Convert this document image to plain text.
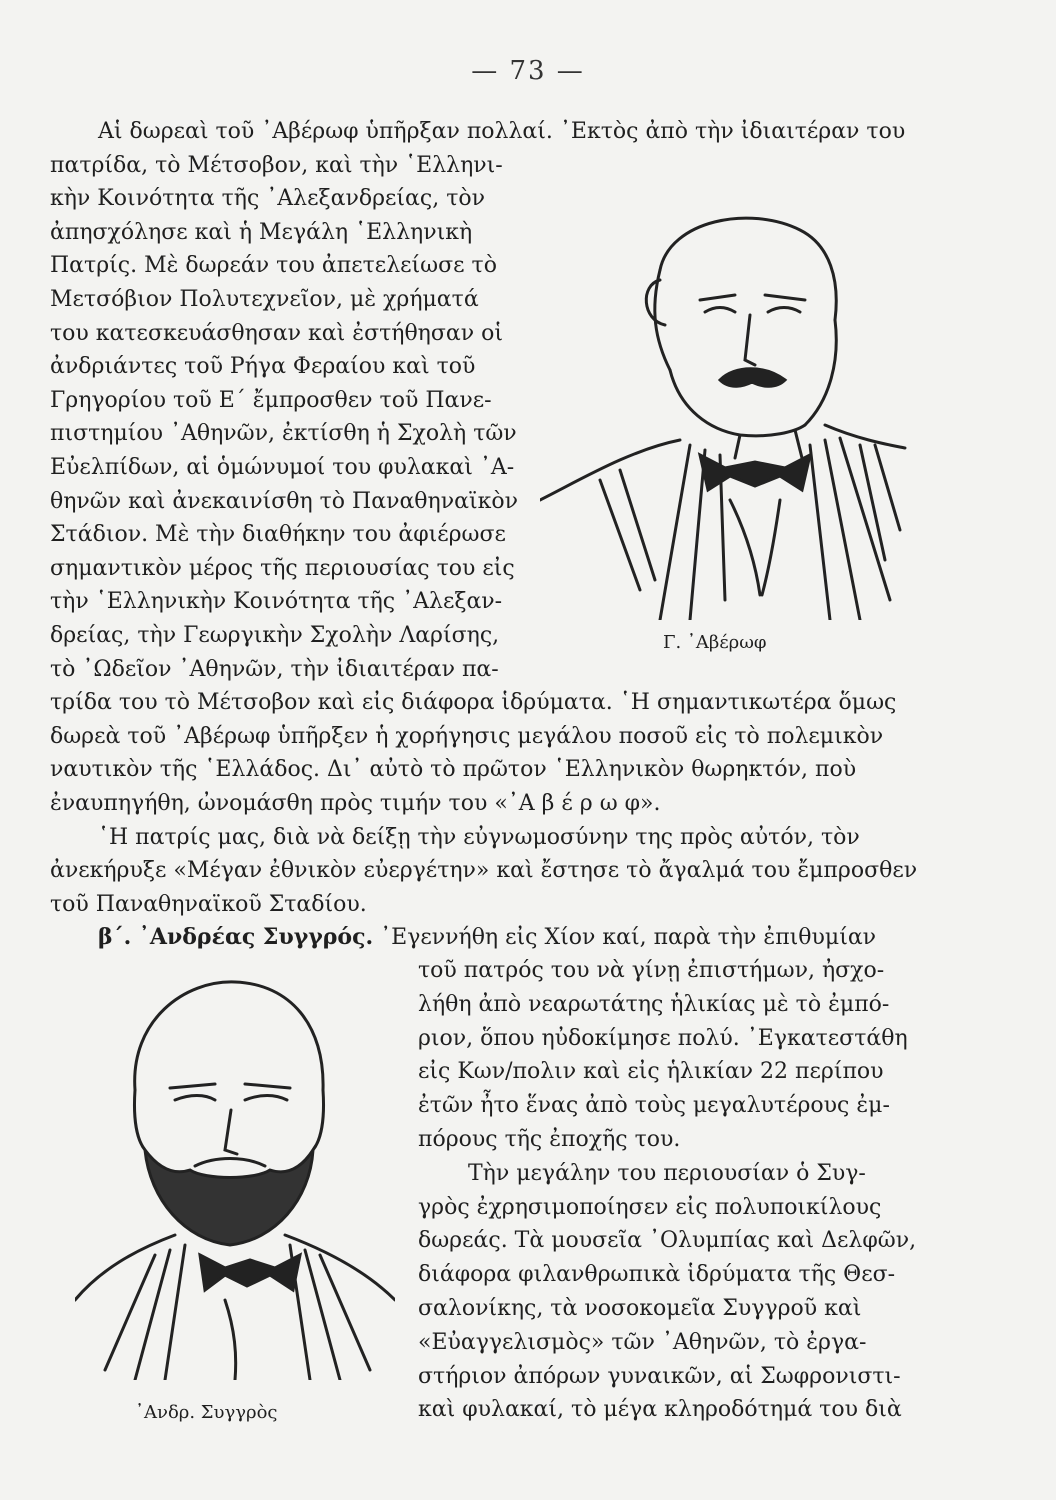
— 73 —
Αἱ δωρεαὶ τοῦ ᾿Αβέρωφ ὑπῆρξαν πολλαί. ᾿Εκτὸς ἀπὸ τὴν ἰδιαιτέραν του
πατρίδα, τὸ Μέτσοβον, καὶ τὴν ῾Ελληνι-
κὴν Κοινότητα τῆς ᾿Αλεξανδρείας, τὸν
ἀπησχόλησε καὶ ἡ Μεγάλη ῾Ελληνικὴ
Πατρίς. Μὲ δωρεάν του ἀπετελείωσε τὸ
Μετσόβιον Πολυτεχνεῖον, μὲ χρήματά
του κατεσκευάσθησαν καὶ ἐστήθησαν οἱ
ἀνδριάντες τοῦ Ρήγα Φεραίου καὶ τοῦ
Γρηγορίου τοῦ Ε΄ ἔμπροσθεν τοῦ Πανε-
πιστημίου ᾿Αθηνῶν, ἐκτίσθη ἡ Σχολὴ τῶν
Εὐελπίδων, αἱ ὁμώνυμοί του φυλακαὶ ᾿Α-
θηνῶν καὶ ἀνεκαινίσθη τὸ Παναθηναϊκὸν
Στάδιον. Μὲ τὴν διαθήκην του ἀφιέρωσε
σημαντικὸν μέρος τῆς περιουσίας του εἰς
τὴν ῾Ελληνικὴν Κοινότητα τῆς ᾿Αλεξαν-
δρείας, τὴν Γεωργικὴν Σχολὴν Λαρίσης,
τὸ ᾿Ωδεῖον ᾿Αθηνῶν, τὴν ἰδιαιτέραν πα-
τρίδα του τὸ Μέτσοβον καὶ εἰς διάφορα ἱδρύματα. ῾Η σημαντικωτέρα ὅμως
δωρεὰ τοῦ ᾿Αβέρωφ ὑπῆρξεν ἡ χορήγησις μεγάλου ποσοῦ εἰς τὸ πολεμικὸν
ναυτικὸν τῆς ῾Ελλάδος. Δι᾿ αὐτὸ τὸ πρῶτον ῾Ελληνικὸν θωρηκτόν, ποὺ
ἐναυπηγήθη, ὠνομάσθη πρὸς τιμήν του «᾿Α β έ ρ ω φ».
῾Η πατρίς μας, διὰ νὰ δείξῃ τὴν εὐγνωμοσύνην της πρὸς αὐτόν, τὸν
ἀνεκήρυξε «Μέγαν ἐθνικὸν εὐεργέτην» καὶ ἔστησε τὸ ἄγαλμά του ἔμπροσθεν
τοῦ Παναθηναϊκοῦ Σταδίου.
Γ. ᾿Αβέρωφ
β΄. ᾿Ανδρέας Συγγρός. ᾿Εγεννήθη εἰς Χίον καί, παρὰ τὴν ἐπιθυμίαν
τοῦ πατρός του νὰ γίνῃ ἐπιστήμων, ἠσχο-
λήθη ἀπὸ νεαρωτάτης ἡλικίας μὲ τὸ ἐμπό-
ριον, ὅπου ηὐδοκίμησε πολύ. ᾿Εγκατεστάθη
εἰς Κων/πολιν καὶ εἰς ἡλικίαν 22 περίπου
ἐτῶν ἦτο ἕνας ἀπὸ τοὺς μεγαλυτέρους ἐμ-
πόρους τῆς ἐποχῆς του.
Τὴν μεγάλην του περιουσίαν ὁ Συγ-
γρὸς ἐχρησιμοποίησεν εἰς πολυποικίλους
δωρεάς. Τὰ μουσεῖα ᾿Ολυμπίας καὶ Δελφῶν,
διάφορα φιλανθρωπικὰ ἱδρύματα τῆς Θεσ-
σαλονίκης, τὰ νοσοκομεῖα Συγγροῦ καὶ
«Εὐαγγελισμὸς» τῶν ᾿Αθηνῶν, τὸ ἐργα-
στήριον ἀπόρων γυναικῶν, αἱ Σωφρονιστι-
καὶ φυλακαί, τὸ μέγα κληροδότημά του διὰ
᾿Ανδρ. Συγγρὸς
